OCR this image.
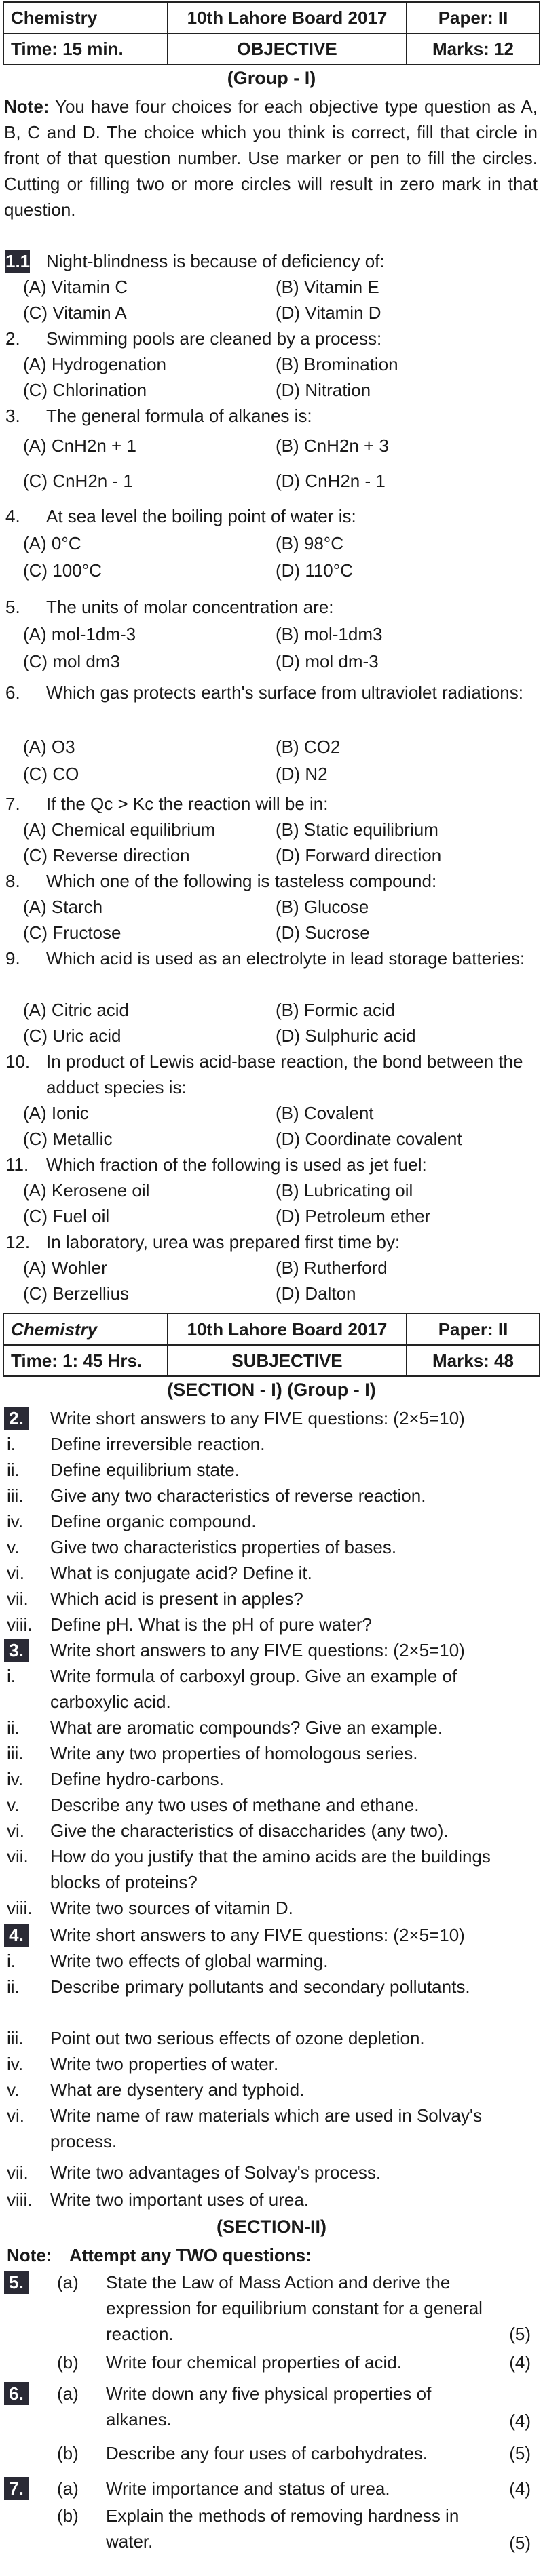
Chemistry	10th Lahore Board 2017	Paper: II
Time: 15 min.	OBJECTIVE	Marks: 12
(Group - I)
Note: You have four choices for each objective type question as A, B, C and D. The choice which you think is correct, fill that circle in front of that question number. Use marker or pen to fill the circles. Cutting or filling two or more circles will result in zero mark in that question.
1.1. Night-blindness is because of deficiency of:
(A) Vitamin C	(B) Vitamin E
(C) Vitamin A	(D) Vitamin D
2.	Swimming pools are cleaned by a process:
(A) Hydrogenation	(B) Bromination
(C) Chlorination	(D) Nitration
3.	The general formula of alkanes is:
(A) CnH2n + 1	(B) CnH2n + 3
(C) CnH2n - 1	(D) CnH2n - 1
4.	At sea level the boiling point of water is:
(A) 0°C	(B) 98°C
(C) 100°C	(D) 110°C
5.	The units of molar concentration are:
(A) mol-1dm-3	(B) mol-1dm3
(C) mol dm3	(D) mol dm-3
6.	Which gas protects earth's surface from ultraviolet radiations:
(A) O3	(B) CO2
(C) CO	(D) N2
7.	If the Qc > Kc the reaction will be in:
(A) Chemical equilibrium	(B) Static equilibrium
(C) Reverse direction	(D) Forward direction
8.	Which one of the following is tasteless compound:
(A) Starch	(B) Glucose
(C) Fructose	(D) Sucrose
9.	Which acid is used as an electrolyte in lead storage batteries:
(A) Citric acid	(B) Formic acid
(C) Uric acid	(D) Sulphuric acid
10. In product of Lewis acid-base reaction, the bond between the adduct species is:
(A) Ionic	(B) Covalent
(C) Metallic	(D) Coordinate covalent
11. Which fraction of the following is used as jet fuel:
(A) Kerosene oil	(B) Lubricating oil
(C) Fuel oil	(D) Petroleum ether
12. In laboratory, urea was prepared first time by:
(A) Wohler	(B) Rutherford
(C) Berzellius	(D) Dalton
Chemistry	10th Lahore Board 2017	Paper: II
Time: 1: 45 Hrs.	SUBJECTIVE	Marks: 48
(SECTION - I) (Group - I)
2. Write short answers to any FIVE questions: (2×5=10)
i. Define irreversible reaction.
ii. Define equilibrium state.
iii. Give any two characteristics of reverse reaction.
iv. Define organic compound.
v. Give two characteristics properties of bases.
vi. What is conjugate acid? Define it.
vii. Which acid is present in apples?
viii. Define pH. What is the pH of pure water?
3. Write short answers to any FIVE questions: (2×5=10)
i. Write formula of carboxyl group. Give an example of carboxylic acid.
ii. What are aromatic compounds? Give an example.
iii. Write any two properties of homologous series.
iv. Define hydro-carbons.
v. Describe any two uses of methane and ethane.
vi. Give the characteristics of disaccharides (any two).
vii. How do you justify that the amino acids are the buildings blocks of proteins?
viii. Write two sources of vitamin D.
4. Write short answers to any FIVE questions: (2×5=10)
i. Write two effects of global warming.
ii. Describe primary pollutants and secondary pollutants.
iii. Point out two serious effects of ozone depletion.
iv. Write two properties of water.
v. What are dysentery and typhoid.
vi. Write name of raw materials which are used in Solvay's process.
vii. Write two advantages of Solvay's process.
viii. Write two important uses of urea.
(SECTION-II)
Note: Attempt any TWO questions:
5. (a) State the Law of Mass Action and derive the expression for equilibrium constant for a general reaction.	(5)
(b) Write four chemical properties of acid.	(4)
6. (a) Write down any five physical properties of alkanes.	(4)
(b) Describe any four uses of carbohydrates.	(5)
7. (a) Write importance and status of urea.	(4)
(b) Explain the methods of removing hardness in water.	(5)
